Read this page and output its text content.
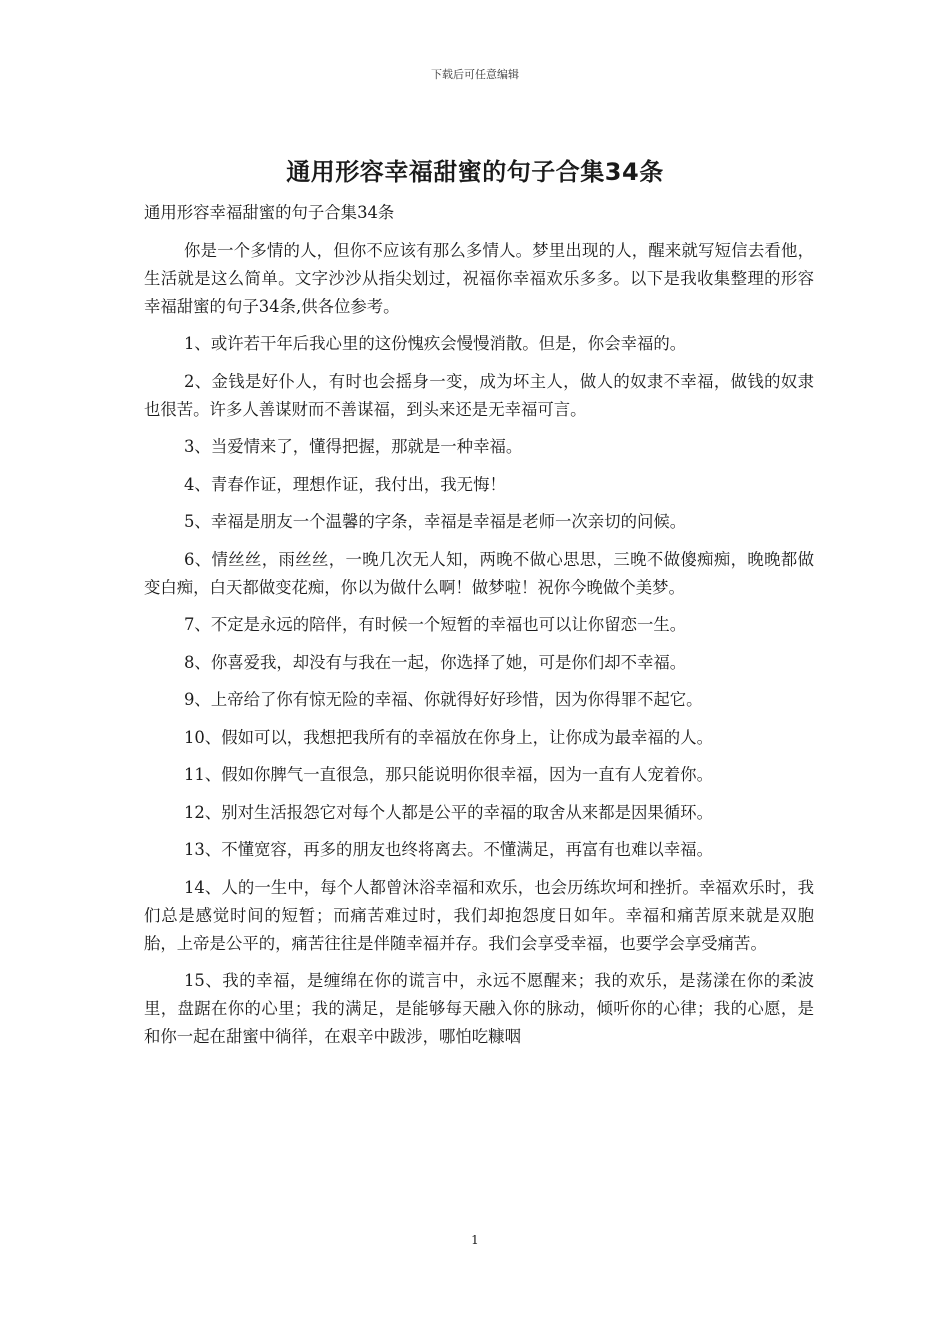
下载后可任意编辑
通用形容幸福甜蜜的句子合集34条

通用形容幸福甜蜜的句子合集34条

你是一个多情的人，但你不应该有那么多情人。梦里出现的人，醒来就写短信去看他，生活就是这么简单。文字沙沙从指尖划过，祝福你幸福欢乐多多。以下是我收集整理的形容幸福甜蜜的句子34条,供各位参考。

1、或许若干年后我心里的这份愧疚会慢慢消散。但是，你会幸福的。

2、金钱是好仆人，有时也会摇身一变，成为坏主人，做人的奴隶不幸福，做钱的奴隶也很苦。许多人善谋财而不善谋福，到头来还是无幸福可言。

3、当爱情来了，懂得把握，那就是一种幸福。

4、青春作证，理想作证，我付出，我无悔！

5、幸福是朋友一个温馨的字条，幸福是幸福是老师一次亲切的问候。

6、情丝丝，雨丝丝，一晚几次无人知，两晚不做心思思，三晚不做傻痴痴，晚晚都做变白痴，白天都做变花痴，你以为做什么啊！做梦啦！祝你今晚做个美梦。

7、不定是永远的陪伴，有时候一个短暂的幸福也可以让你留恋一生。

8、你喜爱我，却没有与我在一起，你选择了她，可是你们却不幸福。

9、上帝给了你有惊无险的幸福、你就得好好珍惜，因为你得罪不起它。

10、假如可以，我想把我所有的幸福放在你身上，让你成为最幸福的人。

11、假如你脾气一直很急，那只能说明你很幸福，因为一直有人宠着你。

12、别对生活报怨它对每个人都是公平的幸福的取舍从来都是因果循环。

13、不懂宽容，再多的朋友也终将离去。不懂满足，再富有也难以幸福。

14、人的一生中，每个人都曾沐浴幸福和欢乐，也会历练坎坷和挫折。幸福欢乐时，我们总是感觉时间的短暂；而痛苦难过时，我们却抱怨度日如年。幸福和痛苦原来就是双胞胎，上帝是公平的，痛苦往往是伴随幸福并存。我们会享受幸福，也要学会享受痛苦。

15、我的幸福，是缠绵在你的谎言中，永远不愿醒来；我的欢乐，是荡漾在你的柔波里，盘踞在你的心里；我的满足，是能够每天融入你的脉动，倾听你的心律；我的心愿，是和你一起在甜蜜中徜徉，在艰辛中跋涉，哪怕吃糠咽

1
